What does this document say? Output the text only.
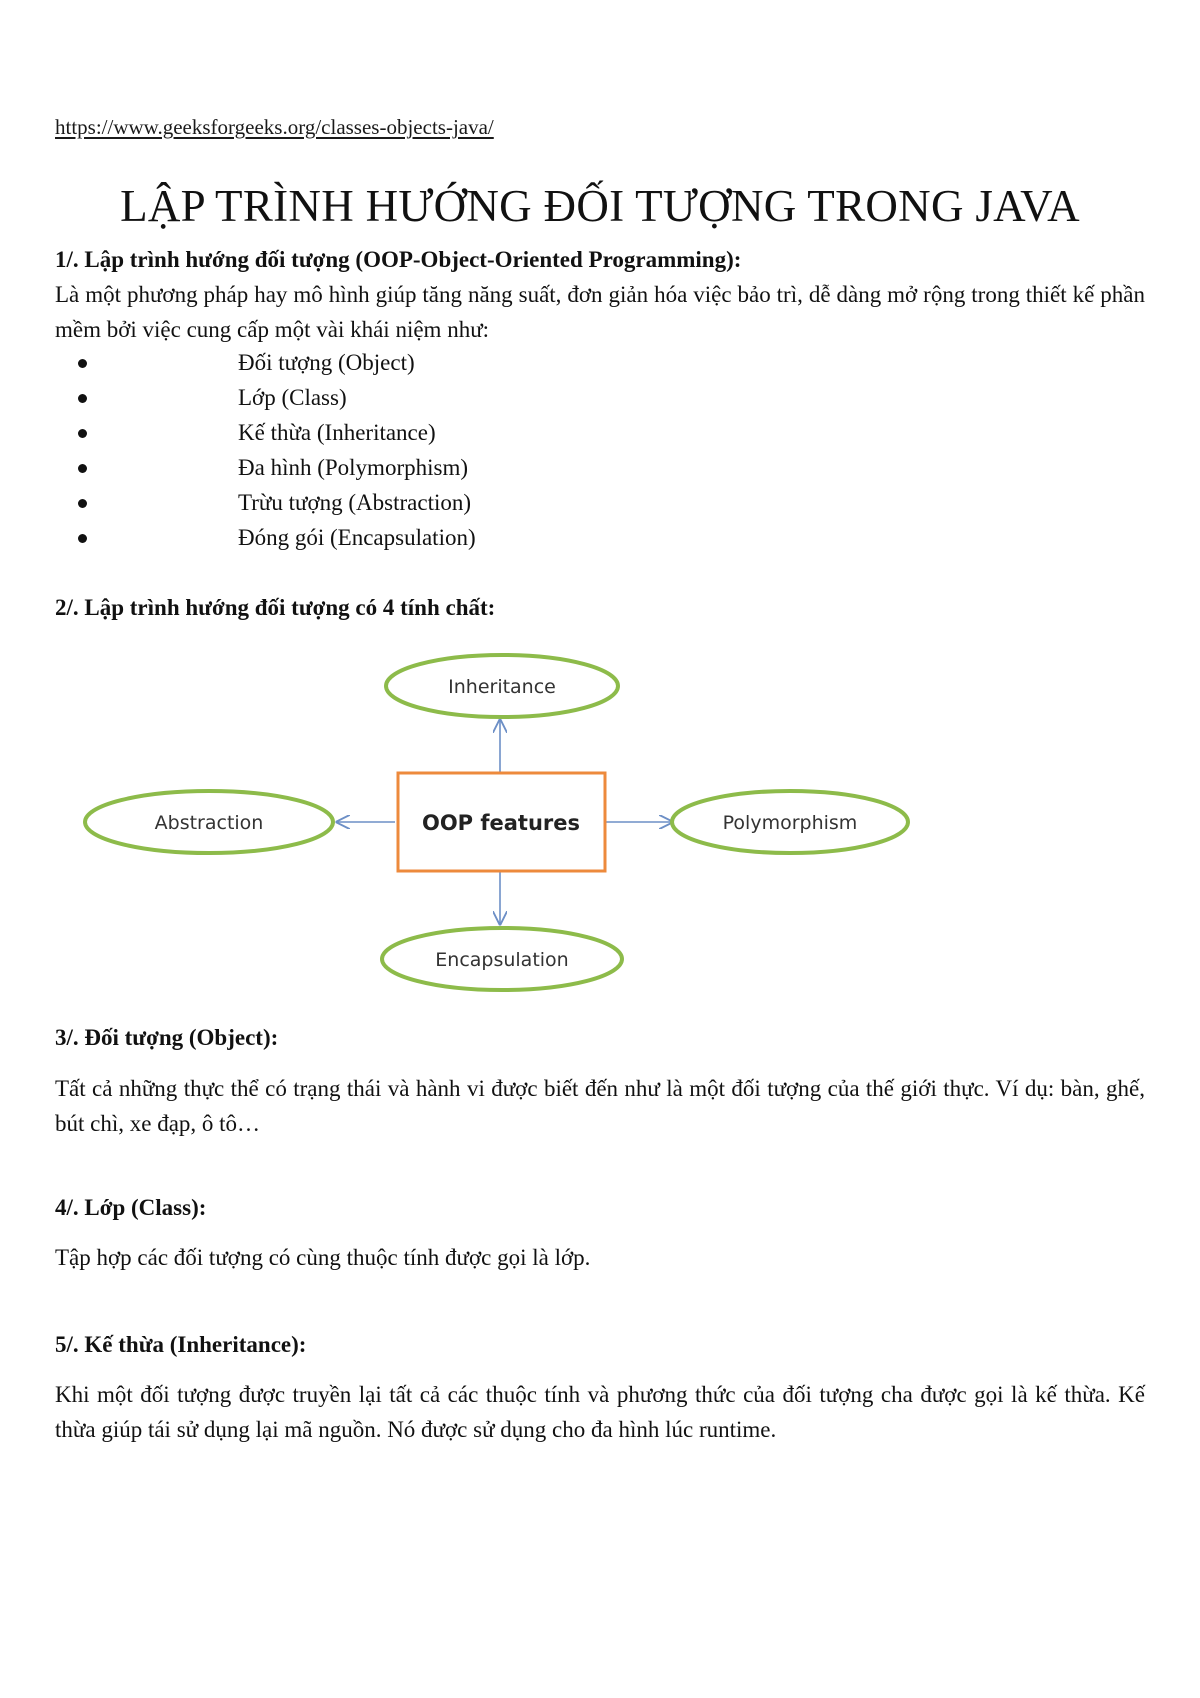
https://www.geeksforgeeks.org/classes-objects-java/
LẬP TRÌNH HƯỚNG ĐỐI TƯỢNG TRONG JAVA
1/. Lập trình hướng đối tượng (OOP-Object-Oriented Programming):
Là một phương pháp hay mô hình giúp tăng năng suất, đơn giản hóa việc bảo trì, dễ dàng mở rộng trong thiết kế phần mềm bởi việc cung cấp một vài khái niệm như:
Đối tượng (Object)
Lớp (Class)
Kế thừa (Inheritance)
Đa hình (Polymorphism)
Trừu tượng (Abstraction)
Đóng gói (Encapsulation)
2/. Lập trình hướng đối tượng có 4 tính chất:
Inheritance
Abstraction	Polymorphism
Encapsulation
OOP features
3/. Đối tượng (Object):
Tất cả những thực thể có trạng thái và hành vi được biết đến như là một đối tượng của thế giới thực. Ví dụ: bàn, ghế, bút chì, xe đạp, ô tô…
4/. Lớp (Class):
Tập hợp các đối tượng có cùng thuộc tính được gọi là lớp.
5/. Kế thừa (Inheritance):
Khi một đối tượng được truyền lại tất cả các thuộc tính và phương thức của đối tượng cha được gọi là kế thừa. Kế thừa giúp tái sử dụng lại mã nguồn. Nó được sử dụng cho đa hình lúc runtime.
